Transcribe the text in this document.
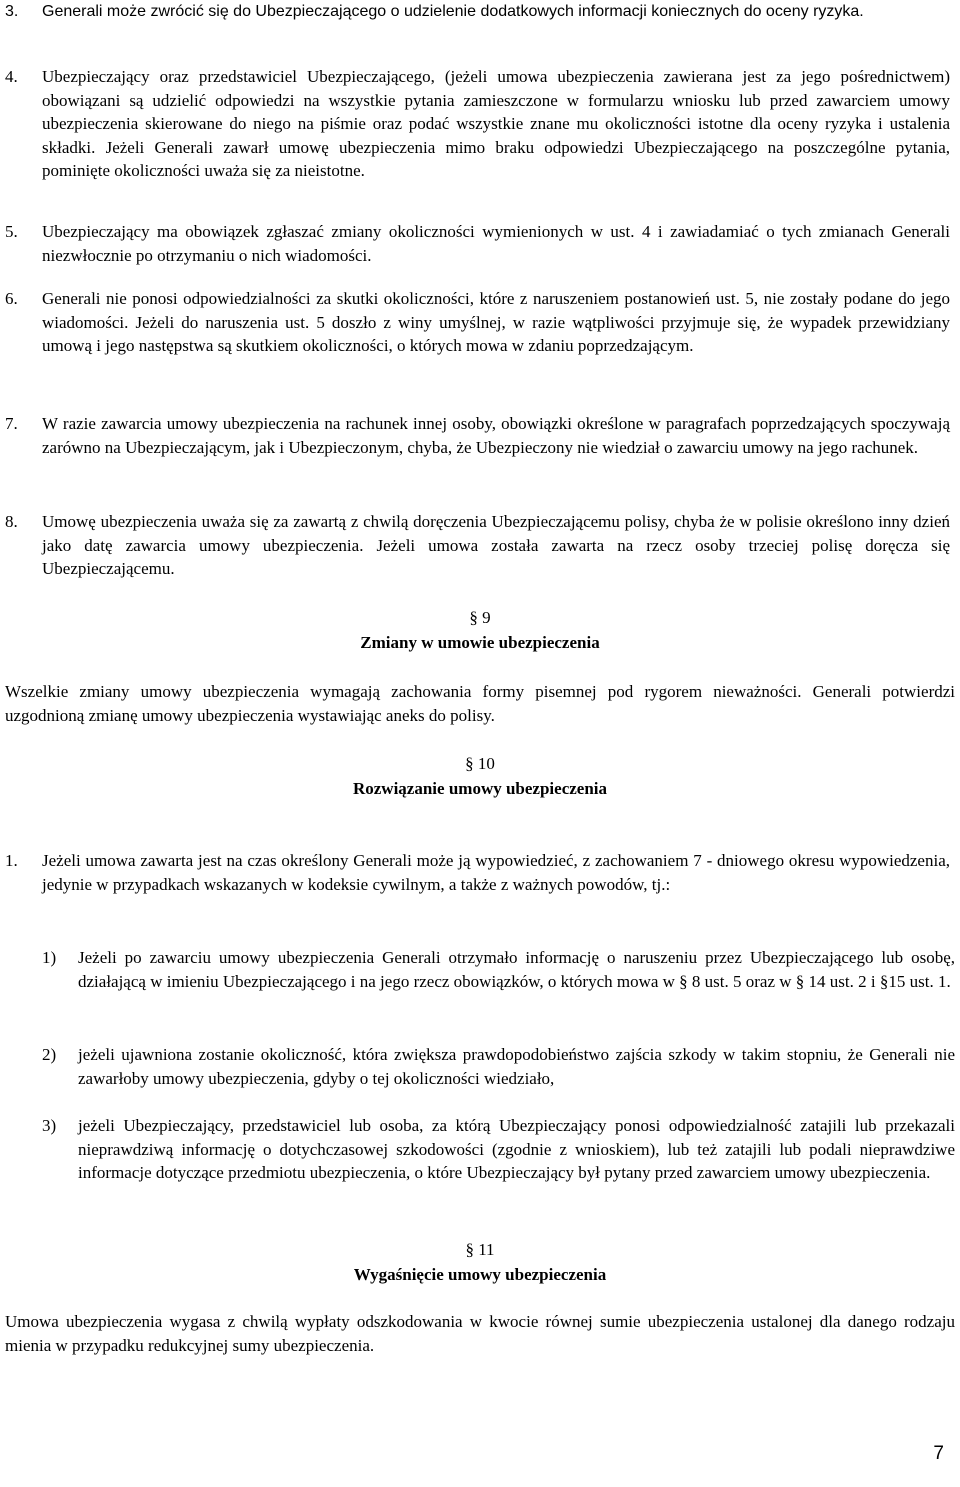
3. Generali może zwrócić się do Ubezpieczającego o udzielenie dodatkowych informacji koniecznych do oceny ryzyka.
4. Ubezpieczający oraz przedstawiciel Ubezpieczającego, (jeżeli umowa ubezpieczenia zawierana jest za jego pośrednictwem) obowiązani są udzielić odpowiedzi na wszystkie pytania zamieszczone w formularzu wniosku lub przed zawarciem umowy ubezpieczenia skierowane do niego na piśmie oraz podać wszystkie znane mu okoliczności istotne dla oceny ryzyka i ustalenia składki. Jeżeli Generali zawarł umowę ubezpieczenia mimo braku odpowiedzi Ubezpieczającego na poszczególne pytania, pominięte okoliczności uważa się za nieistotne.
5. Ubezpieczający ma obowiązek zgłaszać zmiany okoliczności wymienionych w ust. 4 i zawiadamiać o tych zmianach Generali niezwłocznie po otrzymaniu o nich wiadomości.
6. Generali nie ponosi odpowiedzialności za skutki okoliczności, które z naruszeniem postanowień ust. 5, nie zostały podane do jego wiadomości. Jeżeli do naruszenia ust. 5 doszło z winy umyślnej, w razie wątpliwości przyjmuje się, że wypadek przewidziany umową i jego następstwa są skutkiem okoliczności, o których mowa w zdaniu poprzedzającym.
7. W razie zawarcia umowy ubezpieczenia na rachunek innej osoby, obowiązki określone w paragrafach poprzedzających spoczywają zarówno na Ubezpieczającym, jak i Ubezpieczonym, chyba, że Ubezpieczony nie wiedział o zawarciu umowy na jego rachunek.
8. Umowę ubezpieczenia uważa się za zawartą z chwilą doręczenia Ubezpieczającemu polisy, chyba że w polisie określono inny dzień jako datę zawarcia umowy ubezpieczenia. Jeżeli umowa została zawarta na rzecz osoby trzeciej polisę doręcza się Ubezpieczającemu.
§ 9
Zmiany w umowie ubezpieczenia
Wszelkie zmiany umowy ubezpieczenia wymagają zachowania formy pisemnej pod rygorem nieważności. Generali potwierdzi uzgodnioną zmianę umowy ubezpieczenia wystawiając aneks do polisy.
§ 10
Rozwiązanie umowy ubezpieczenia
1. Jeżeli umowa zawarta jest na czas określony Generali może ją wypowiedzieć, z zachowaniem 7 - dniowego okresu wypowiedzenia, jedynie w przypadkach wskazanych w kodeksie cywilnym, a także z ważnych powodów, tj.:
1) Jeżeli po zawarciu umowy ubezpieczenia Generali otrzymało informację o naruszeniu przez Ubezpieczającego lub osobę, działającą w imieniu Ubezpieczającego i na jego rzecz obowiązków, o których mowa w § 8 ust. 5 oraz w § 14 ust. 2 i §15 ust. 1.
2) jeżeli ujawniona zostanie okoliczność, która zwiększa prawdopodobieństwo zajścia szkody w takim stopniu, że Generali nie zawarłoby umowy ubezpieczenia, gdyby o tej okoliczności wiedziało,
3) jeżeli Ubezpieczający, przedstawiciel lub osoba, za którą Ubezpieczający ponosi odpowiedzialność zatajili lub przekazali nieprawdziwą informację o dotychczasowej szkodowości (zgodnie z wnioskiem), lub też zatajili lub podali nieprawdziwe informacje dotyczące przedmiotu ubezpieczenia, o które Ubezpieczający był pytany przed zawarciem umowy ubezpieczenia.
§ 11
Wygaśnięcie umowy ubezpieczenia
Umowa ubezpieczenia wygasa z chwilą wypłaty odszkodowania w kwocie równej sumie ubezpieczenia ustalonej dla danego rodzaju mienia w przypadku redukcyjnej sumy ubezpieczenia.
7
